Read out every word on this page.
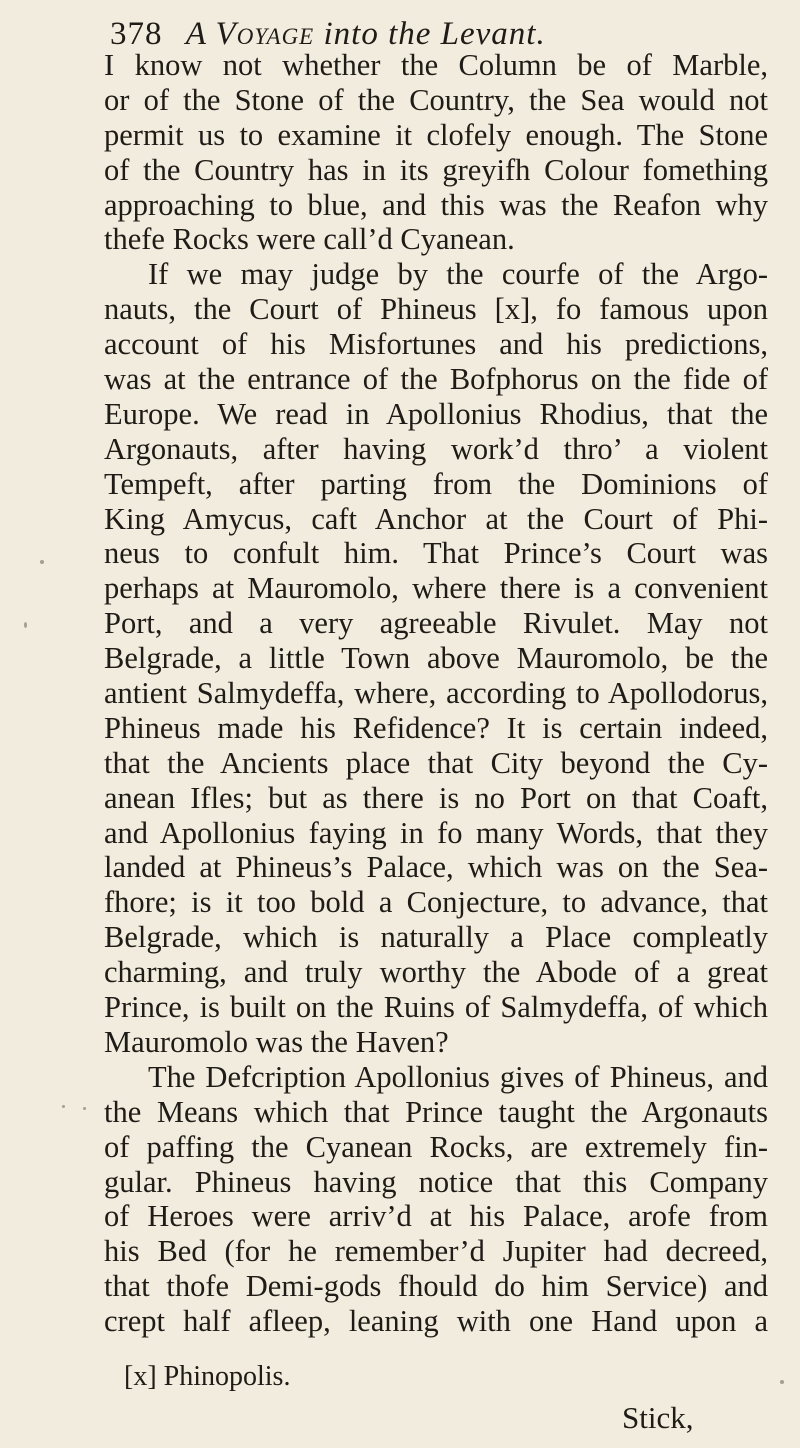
378 A Voyage into the Levant.
I know not whether the Column be of Marble,
or of the Stone of the Country, the Sea would not
permit us to examine it clofely enough. The Stone
of the Country has in its greyifh Colour fomething
approaching to blue, and this was the Reafon why
thefe Rocks were call’d Cyanean.
If we may judge by the courfe of the Argo-
nauts, the Court of Phineus [x], fo famous upon
account of his Misfortunes and his predictions,
was at the entrance of the Bofphorus on the fide of
Europe. We read in Apollonius Rhodius, that the
Argonauts, after having work’d thro’ a violent
Tempeft, after parting from the Dominions of
King Amycus, caft Anchor at the Court of Phi-
neus to confult him. That Prince’s Court was
perhaps at Mauromolo, where there is a convenient
Port, and a very agreeable Rivulet. May not
Belgrade, a little Town above Mauromolo, be the
antient Salmydeffa, where, according to Apollodorus,
Phineus made his Refidence? It is certain indeed,
that the Ancients place that City beyond the Cy-
anean Ifles; but as there is no Port on that Coaft,
and Apollonius faying in fo many Words, that they
landed at Phineus’s Palace, which was on the Sea-
fhore; is it too bold a Conjecture, to advance, that
Belgrade, which is naturally a Place compleatly
charming, and truly worthy the Abode of a great
Prince, is built on the Ruins of Salmydeffa, of which
Mauromolo was the Haven?
The Defcription Apollonius gives of Phineus, and
the Means which that Prince taught the Argonauts
of paffing the Cyanean Rocks, are extremely fin-
gular. Phineus having notice that this Company
of Heroes were arriv’d at his Palace, arofe from
his Bed (for he remember’d Jupiter had decreed,
that thofe Demi-gods fhould do him Service) and
crept half afleep, leaning with one Hand upon a
[x] Phinopolis.
Stick,
